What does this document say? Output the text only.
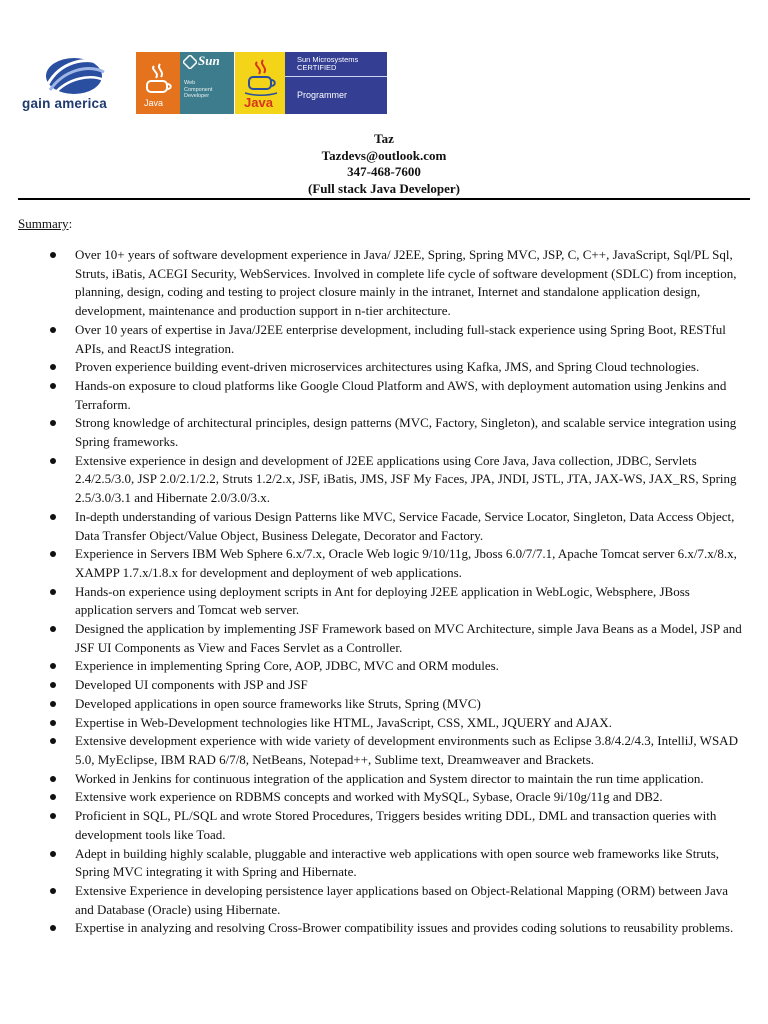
gain america	Java
Sun
Web
Component
Developer	Java
Sun Microsystems
CERTIFIED
Programmer
Taz
Tazdevs@outlook.com
347-468-7600
(Full stack Java Developer)
Summary:
Over 10+ years of software development experience in Java/ J2EE, Spring, Spring MVC, JSP, C, C++, JavaScript, Sql/PL Sql, Struts, iBatis, ACEGI Security, WebServices. Involved in complete life cycle of software development (SDLC) from inception, planning, design, coding and testing to project closure mainly in the intranet, Internet and standalone application design, development, maintenance and production support in n-tier architecture.
Over 10 years of expertise in Java/J2EE enterprise development, including full-stack experience using Spring Boot, RESTful APIs, and ReactJS integration.
Proven experience building event-driven microservices architectures using Kafka, JMS, and Spring Cloud technologies.
Hands-on exposure to cloud platforms like Google Cloud Platform and AWS, with deployment automation using Jenkins and Terraform.
Strong knowledge of architectural principles, design patterns (MVC, Factory, Singleton), and scalable service integration using Spring frameworks.
Extensive experience in design and development of J2EE applications using Core Java, Java collection, JDBC, Servlets 2.4/2.5/3.0, JSP 2.0/2.1/2.2, Struts 1.2/2.x, JSF, iBatis, JMS, JSF My Faces, JPA, JNDI, JSTL, JTA, JAX-WS, JAX_RS, Spring 2.5/3.0/3.1 and Hibernate 2.0/3.0/3.x.
In-depth understanding of various Design Patterns like MVC, Service Facade, Service Locator, Singleton, Data Access Object, Data Transfer Object/Value Object, Business Delegate, Decorator and Factory.
Experience in Servers IBM Web Sphere 6.x/7.x, Oracle Web logic 9/10/11g, Jboss 6.0/7/7.1, Apache Tomcat server 6.x/7.x/8.x, XAMPP 1.7.x/1.8.x for development and deployment of web applications.
Hands-on experience using deployment scripts in Ant for deploying J2EE application in WebLogic, Websphere, JBoss application servers and Tomcat web server.
Designed the application by implementing JSF Framework based on MVC Architecture, simple Java Beans as a Model, JSP and JSF UI Components as View and Faces Servlet as a Controller.
Experience in implementing Spring Core, AOP, JDBC, MVC and ORM modules.
Developed UI components with JSP and JSF
Developed applications in open source frameworks like Struts, Spring (MVC)
Expertise in Web-Development technologies like HTML, JavaScript, CSS, XML, JQUERY and AJAX.
Extensive development experience with wide variety of development environments such as Eclipse 3.8/4.2/4.3, IntelliJ, WSAD 5.0, MyEclipse, IBM RAD 6/7/8, NetBeans, Notepad++, Sublime text, Dreamweaver and Brackets.
Worked in Jenkins for continuous integration of the application and System director to maintain the run time application.
Extensive work experience on RDBMS concepts and worked with MySQL, Sybase, Oracle 9i/10g/11g and DB2.
Proficient in SQL, PL/SQL and wrote Stored Procedures, Triggers besides writing DDL, DML and transaction queries with development tools like Toad.
Adept in building highly scalable, pluggable and interactive web applications with open source web frameworks like Struts, Spring MVC integrating it with Spring and Hibernate.
Extensive Experience in developing persistence layer applications based on Object-Relational Mapping (ORM) between Java and Database (Oracle) using Hibernate.
Expertise in analyzing and resolving Cross-Brower compatibility issues and provides coding solutions to reusability problems.
